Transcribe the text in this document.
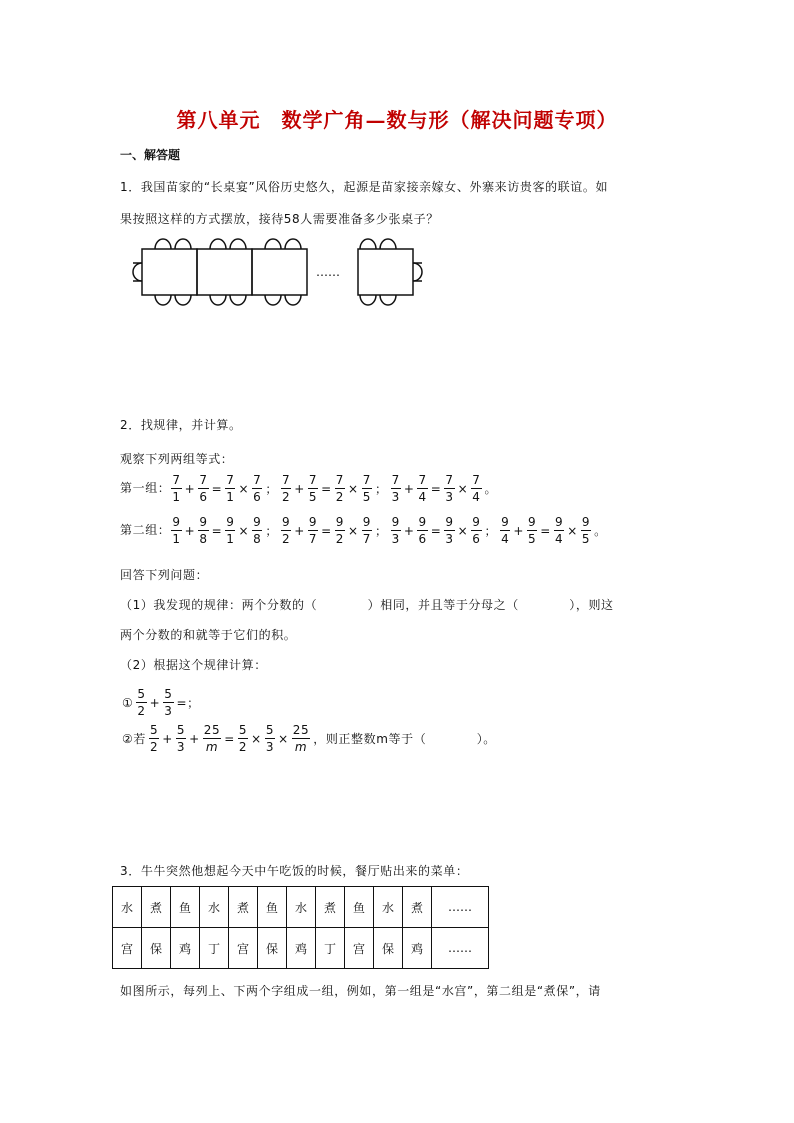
第八单元　数学广角—数与形（解决问题专项）
一、解答题
1．我国苗家的“长桌宴”风俗历史悠久，起源是苗家接亲嫁女、外寨来访贵客的联谊。如
果按照这样的方式摆放，接待58人需要准备多少张桌子？
……
2．找规律，并计算。
观察下列两组等式：
第一组： $\frac{7}{1} + \frac{7}{6} = \frac{7}{1} \times \frac{7}{6}$ ； $\frac{7}{2} + \frac{7}{5} = \frac{7}{2} \times \frac{7}{5}$ ； $\frac{7}{3} + \frac{7}{4} = \frac{7}{3} \times \frac{7}{4}$ 。
第二组： $\frac{9}{1} + \frac{9}{8} = \frac{9}{1} \times \frac{9}{8}$ ； $\frac{9}{2} + \frac{9}{7} = \frac{9}{2} \times \frac{9}{7}$ ； $\frac{9}{3} + \frac{9}{6} = \frac{9}{3} \times \frac{9}{6}$ ； $\frac{9}{4} + \frac{9}{5} = \frac{9}{4} \times \frac{9}{5}$ 。
回答下列问题：
（1）我发现的规律：两个分数的（　　　　）相同，并且等于分母之（　　　　），则这
两个分数的和就等于它们的积。
（2）根据这个规律计算：
① $\frac{5}{2} + \frac{5}{3}$ =；
②若 $\frac{5}{2} + \frac{5}{3} + \frac{25}{m} = \frac{5}{2} \times \frac{5}{3} \times \frac{25}{m}$ ，则正整数m等于（　　　　）。
3．牛牛突然他想起今天中午吃饭的时候，餐厅贴出来的菜单：
水	煮	鱼	水	煮	鱼	水	煮	鱼	水	煮	……
宫	保	鸡	丁	宫	保	鸡	丁	宫	保	鸡	……
如图所示，每列上、下两个字组成一组，例如，第一组是“水宫”，第二组是“煮保”，请
